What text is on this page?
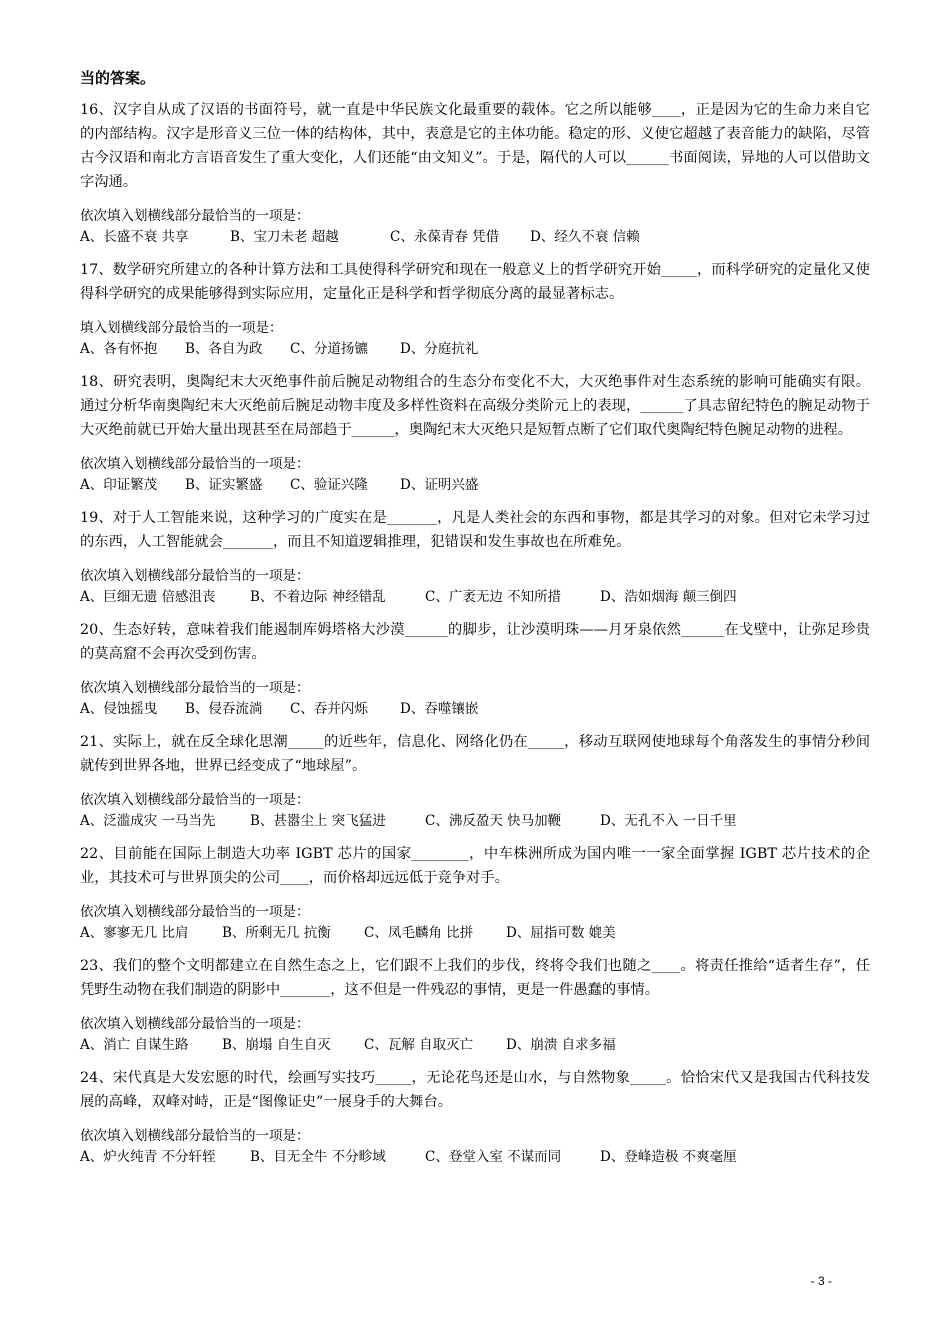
当的答案。

16、汉字自从成了汉语的书面符号，就一直是中华民族文化最重要的载体。它之所以能够____，正是因为它的生命力来自它的内部结构。汉字是形音义三位一体的结构体，其中，表意是它的主体功能。稳定的形、义使它超越了表音能力的缺陷，尽管古今汉语和南北方言语音发生了重大变化，人们还能“由文知义”。于是，隔代的人可以______书面阅读，异地的人可以借助文字沟通。

依次填入划横线部分最恰当的一项是：

A、长盛不衰 共享	B、宝刀未老 超越	C、永葆青春 凭借	D、经久不衰 信赖

17、数学研究所建立的各种计算方法和工具使得科学研究和现在一般意义上的哲学研究开始_____，而科学研究的定量化又使得科学研究的成果能够得到实际应用，定量化正是科学和哲学彻底分离的最显著标志。

填入划横线部分最恰当的一项是：

A、各有怀抱	B、各自为政	C、分道扬镳	D、分庭抗礼

18、研究表明，奥陶纪末大灭绝事件前后腕足动物组合的生态分布变化不大，大灭绝事件对生态系统的影响可能确实有限。通过分析华南奥陶纪末大灭绝前后腕足动物丰度及多样性资料在高级分类阶元上的表现，______了具志留纪特色的腕足动物于大灭绝前就已开始大量出现甚至在局部趋于______，奥陶纪末大灭绝只是短暂点断了它们取代奥陶纪特色腕足动物的进程。

依次填入划横线部分最恰当的一项是：

A、印证繁茂	B、证实繁盛	C、验证兴隆	D、证明兴盛

19、对于人工智能来说，这种学习的广度实在是_______，凡是人类社会的东西和事物，都是其学习的对象。但对它未学习过的东西，人工智能就会_______，而且不知道逻辑推理，犯错误和发生事故也在所难免。

依次填入划横线部分最恰当的一项是：

A、巨细无遗 倍感沮丧	B、不着边际 神经错乱	C、广袤无边 不知所措	D、浩如烟海 颠三倒四

20、生态好转，意味着我们能遏制库姆塔格大沙漠______的脚步，让沙漠明珠——月牙泉依然______在戈壁中，让弥足珍贵的莫高窟不会再次受到伤害。

依次填入划横线部分最恰当的一项是：

A、侵蚀摇曳	B、侵吞流淌	C、吞并闪烁	D、吞噬镶嵌

21、实际上，就在反全球化思潮_____的近些年，信息化、网络化仍在_____，移动互联网使地球每个角落发生的事情分秒间就传到世界各地，世界已经变成了“地球屋”。

依次填入划横线部分最恰当的一项是：

A、泛滥成灾 一马当先	B、甚嚣尘上 突飞猛进	C、沸反盈天 快马加鞭	D、无孔不入 一日千里

22、目前能在国际上制造大功率 IGBT 芯片的国家________，中车株洲所成为国内唯一一家全面掌握 IGBT 芯片技术的企业，其技术可与世界顶尖的公司____，而价格却远远低于竞争对手。

依次填入划横线部分最恰当的一项是：

A、寥寥无几 比肩	B、所剩无几 抗衡	C、凤毛麟角 比拼	D、屈指可数 媲美

23、我们的整个文明都建立在自然生态之上，它们跟不上我们的步伐，终将令我们也随之____。将责任推给“适者生存”，任凭野生动物在我们制造的阴影中_______，这不但是一件残忍的事情，更是一件愚蠢的事情。

依次填入划横线部分最恰当的一项是：

A、消亡 自谋生路	B、崩塌 自生自灭	C、瓦解 自取灭亡	D、崩溃 自求多福

24、宋代真是大发宏愿的时代，绘画写实技巧_____，无论花鸟还是山水，与自然物象_____。恰恰宋代又是我国古代科技发展的高峰，双峰对峙，正是“图像证史”一展身手的大舞台。

依次填入划横线部分最恰当的一项是：

A、炉火纯青 不分轩轾	B、目无全牛 不分畛域	C、登堂入室 不谋而同	D、登峰造极 不爽毫厘
- 3 -
